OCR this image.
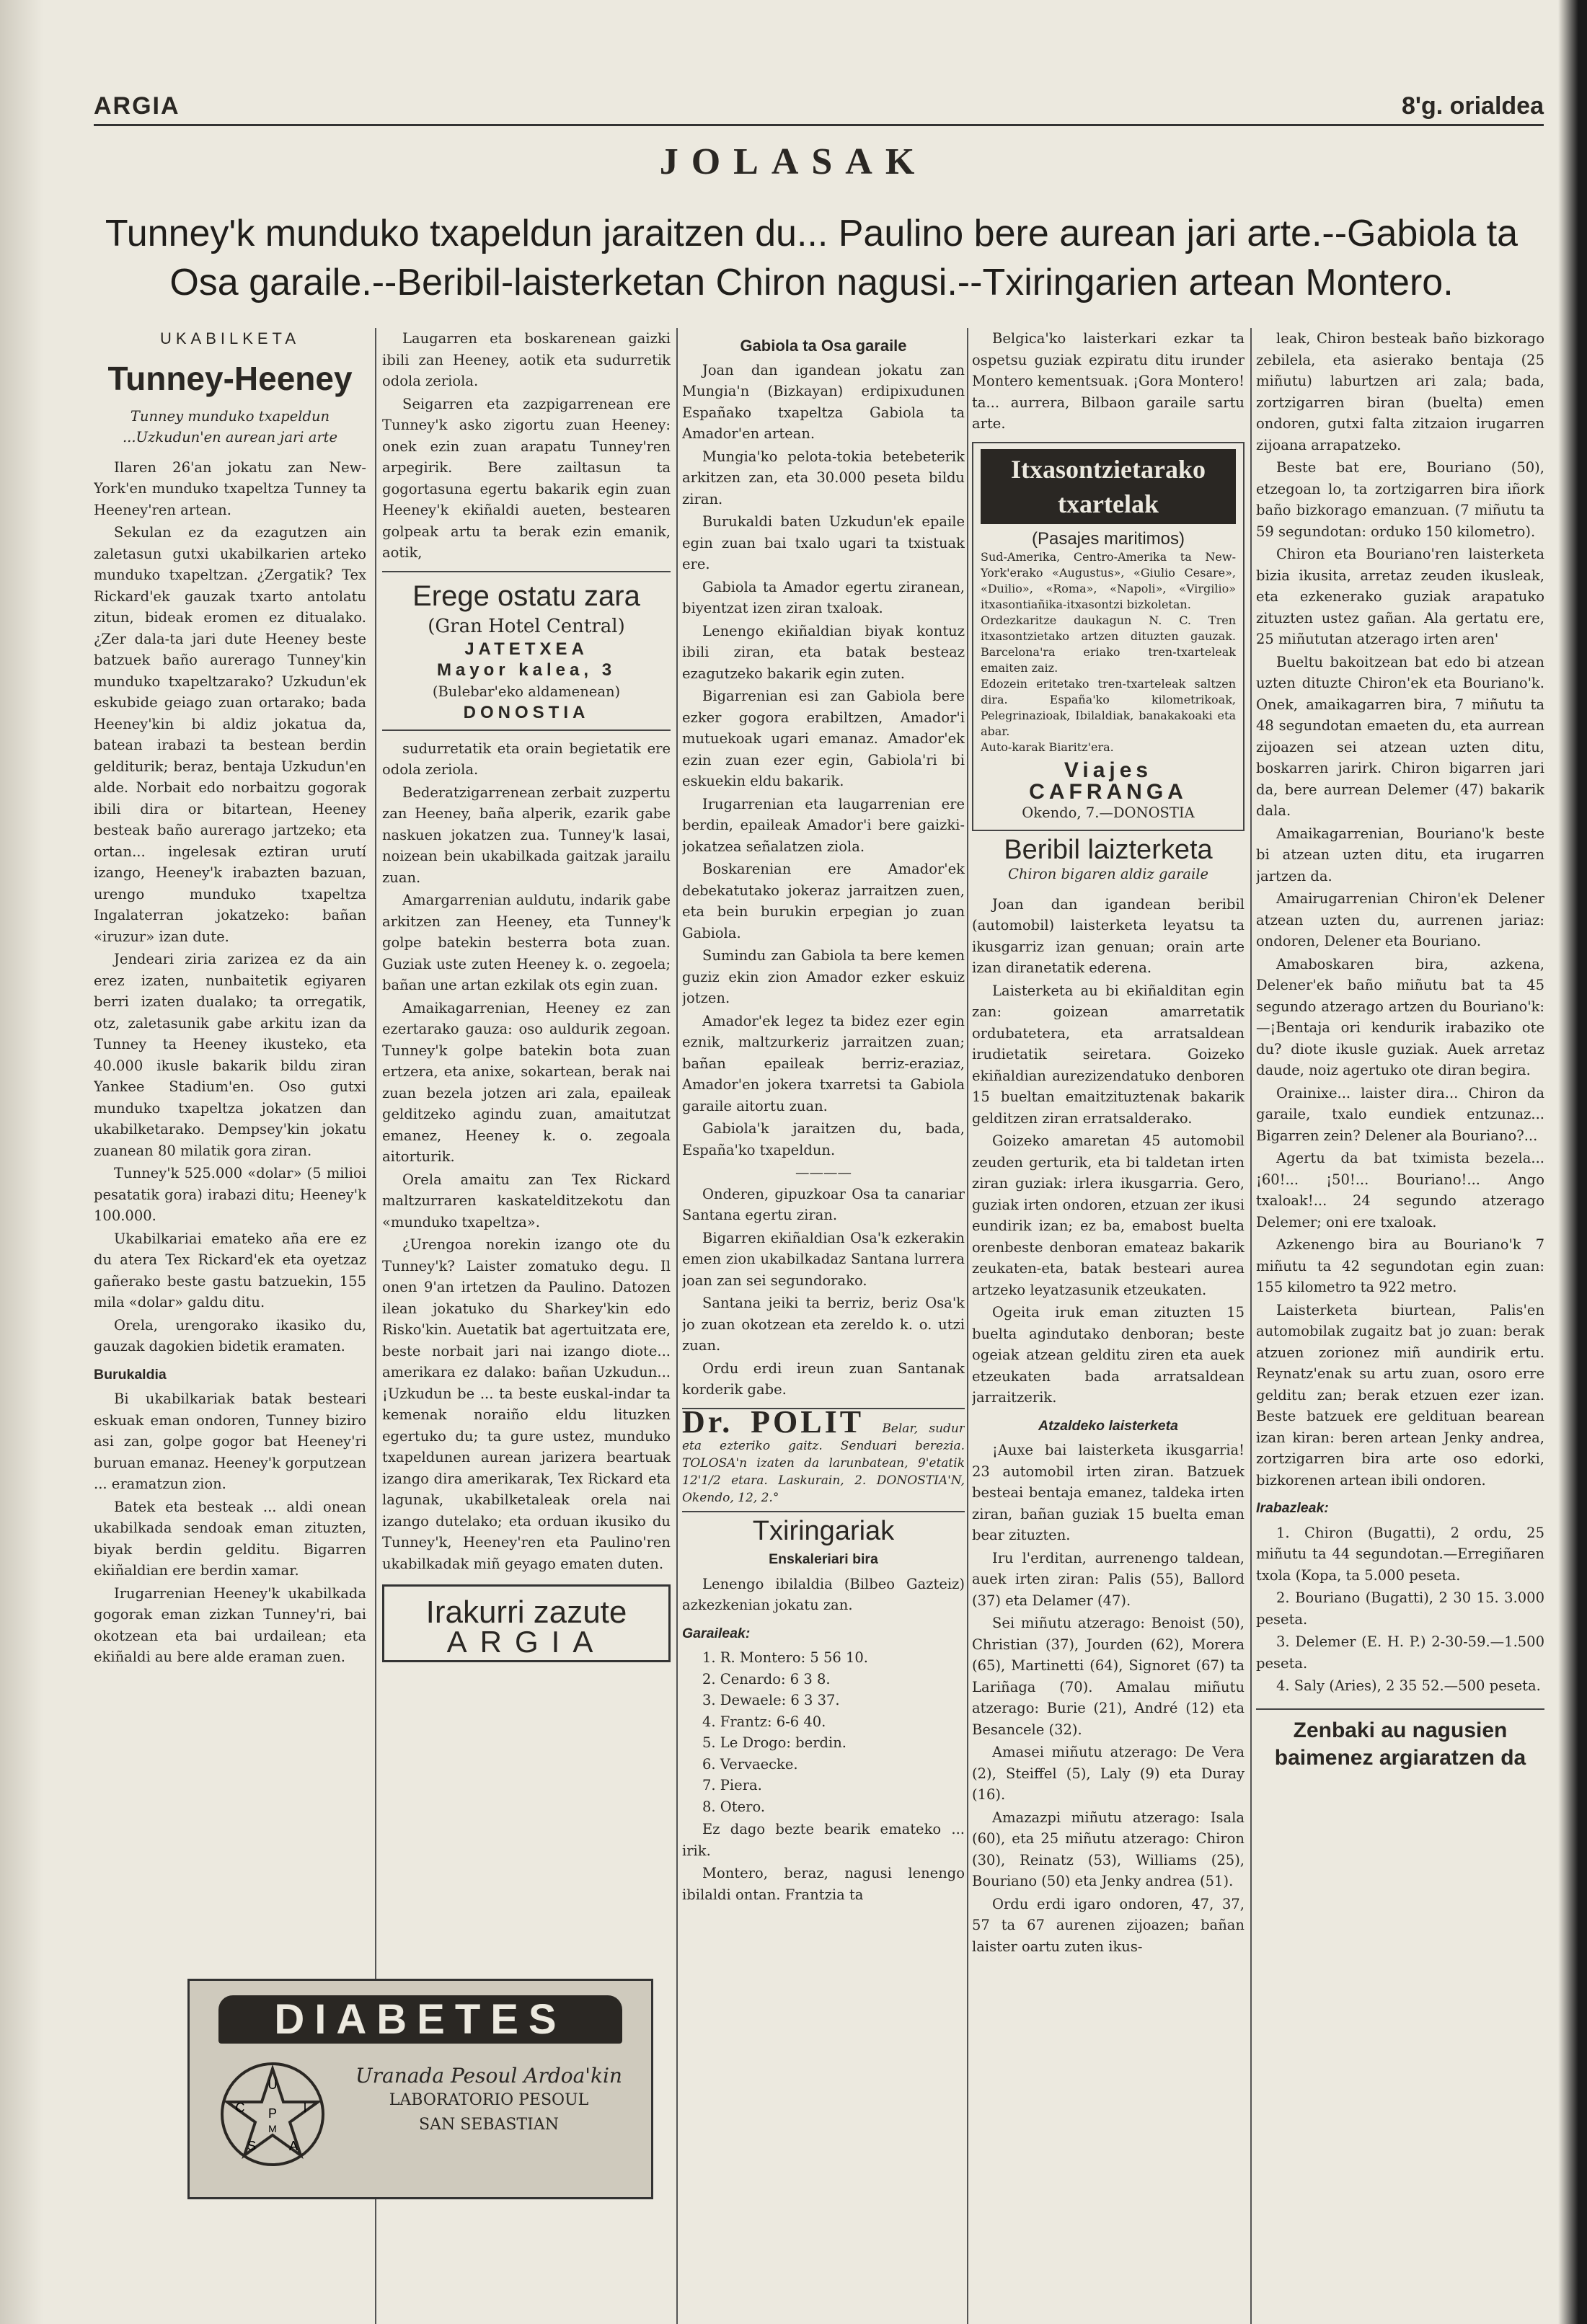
ARGIA	8'g. orialdea
JOLASAK
Tunney'k munduko txapeldun jaraitzen du... Paulino bere aurean jari arte.--Gabiola ta
Osa garaile.--Beribil-laisterketan Chiron nagusi.--Txiringarien artean Montero.
UKABILKETA
Tunney-Heeney
Tunney munduko txapeldun ...Uzkudun'en aurean jari arte

Ilaren 26'an jokatu zan New-York'en munduko txapeltza Tunney ta Heeney'ren artean.

Sekulan ez da ezagutzen ain zaletasun gutxi ukabilkarien arteko munduko txapeltzan. ¿Zergatik? Tex Rickard'ek gauzak txarto antolatu zitun, bideak eromen ez ditualako. ¿Zer dala-ta jari dute Heeney beste batzuek baño aurerago Tunney'kin munduko txapeltzarako? Uzkudun'ek eskubide geiago zuan ortarako; bada Heeney'kin bi aldiz jokatua da, batean irabazi ta bestean berdin gelditurik; beraz, bentaja Uzkudun'en alde. Norbait edo norbaitzu gogorak ibili dira or bitartean, Heeney besteak baño aurerago jartzeko; eta ortan... ingelesak eztiran urutí izango, Heeney'k irabazten bazuan, urengo munduko txapeltza Ingalaterran jokatzeko: bañan «iruzur» izan dute.

Jendeari ziria zarizea ez da ain erez izaten, nunbaitetik egiyaren berri izaten dualako; ta orregatik, otz, zaletasunik gabe arkitu izan da Tunney ta Heeney ikusteko, eta 40.000 ikusle bakarik bildu ziran Yankee Stadium'en. Oso gutxi munduko txapeltza jokatzen dan ukabilketarako. Dempsey'kin jokatu zuanean 80 milatik gora ziran.

Tunney'k 525.000 «dolar» (5 milioi pesatatik gora) irabazi ditu; Heeney'k 100.000.

Ukabilkariai emateko aña ere ez du atera Tex Rickard'ek eta oyetzaz gañerako beste gastu batzuekin, 155 mila «dolar» galdu ditu.

Orela, urengorako ikasiko du, gauzak dagokien bidetik eramaten.

Burukaldia

Bi ukabilkariak batak besteari eskuak eman ondoren, Tunney biziro asi zan, golpe gogor bat Heeney'ri buruan emanaz. Heeney'k gorputzean ... eramatzun zion.

Batek eta besteak ... aldi onean ukabilkada sendoak eman zituzten, biyak berdin gelditu. Bigarren ekiñaldian ere berdin xamar.

Irugarrenian Heeney'k ukabilkada gogorak eman zizkan Tunney'ri, bai okotzean eta bai urdailean; eta ekiñaldi au bere alde eraman zuen.

Laugarren eta boskarenean gaizki ibili zan Heeney, aotik eta sudurretik odola zeriola.

Seigarren eta zazpigarrenean ere Tunney'k asko zigortu zuan Heeney: onek ezin zuan arapatu Tunney'ren arpegirik. Bere zailtasun ta gogortasuna egertu bakarik egin zuan Heeney'k ekiñaldi aueten, bestearen golpeak artu ta berak ezin emanik, aotik,

Erege ostatu zara
(Gran Hotel Central)
JATETXEA
Mayor kalea, 3
(Bulebar'eko aldamenean)
DONOSTIA

sudurretatik eta orain begietatik ere odola zeriola.

Bederatzigarrenean zerbait zuzpertu zan Heeney, baña alperik, ezarik gabe naskuen jokatzen zua. Tunney'k lasai, noizean bein ukabilkada gaitzak jarailu zuan.

Amargarrenian auldutu, indarik gabe arkitzen zan Heeney, eta Tunney'k golpe batekin besterra bota zuan. Guziak uste zuten Heeney k. o. zegoela; bañan une artan ezkilak ots egin zuan.

Amaikagarrenian, Heeney ez zan ezertarako gauza: oso auldurik zegoan. Tunney'k golpe batekin bota zuan ertzera, eta anixe, sokartean, berak nai zuan bezela jotzen ari zala, epaileak gelditzeko agindu zuan, amaitutzat emanez, Heeney k. o. zegoala aitorturik.

Orela amaitu zan Tex Rickard maltzurraren kaskatelditzekotu dan «munduko txapeltza».

¿Urengoa norekin izango ote du Tunney'k? Laister zomatuko degu. Il onen 9'an irtetzen da Paulino. Datozen ilean jokatuko du Sharkey'kin edo Risko'kin. Auetatik bat agertuitzata ere, beste norbait jari nai izango diote... amerikara ez dalako: bañan Uzkudun... ¡Uzkudun be ... ta beste euskal-indar ta kemenak noraiño eldu lituzken egertuko du; ta gure ustez, munduko txapeldunen aurean jarizera beartuak izango dira amerikarak, Tex Rickard eta lagunak, ukabilketaleak orela nai izango dutelako; eta orduan ikusiko du Tunney'k, Heeney'ren eta Paulino'ren ukabilkadak miñ geyago ematen duten.

Irakurri zazute
ARGIA
DIABETES
U
I
C
A
S
P
M
Uranada Pesoul Ardoa'kin
LABORATORIO PESOUL
SAN SEBASTIAN
Gabiola ta Osa garaile

Joan dan igandean jokatu zan Mungia'n (Bizkayan) erdipixudunen Españako txapeltza Gabiola ta Amador'en artean.

Mungia'ko pelota-tokia betebeterik arkitzen zan, eta 30.000 peseta bildu ziran.

Burukaldi baten Uzkudun'ek epaile egin zuan bai txalo ugari ta txistuak ere.

Gabiola ta Amador egertu ziranean, biyentzat izen ziran txaloak.

Lenengo ekiñaldian biyak kontuz ibili ziran, eta batak besteaz ezagutzeko bakarik egin zuten.

Bigarrenian esi zan Gabiola bere ezker gogora erabiltzen, Amador'i mutuekoak ugari emanaz. Amador'ek ezin zuan ezer egin, Gabiola'ri bi eskuekin eldu bakarik.

Irugarrenian eta laugarrenian ere berdin, epaileak Amador'i bere gaizki-jokatzea señalatzen ziola.

Boskarenian ere Amador'ek debekatutako jokeraz jarraitzen zuen, eta bein burukin erpegian jo zuan Gabiola.

Sumindu zan Gabiola ta bere kemen guziz ekin zion Amador ezker eskuiz jotzen.

Amador'ek legez ta bidez ezer egin eznik, maltzurkeriz jarraitzen zuan; bañan epaileak berriz-eraziaz, Amador'en jokera txarretsi ta Gabiola garaile aitortu zuan.

Gabiola'k jaraitzen du, bada, España'ko txapeldun.

————

Onderen, gipuzkoar Osa ta canariar Santana egertu ziran.

Bigarren ekiñaldian Osa'k ezkerakin emen zion ukabilkadaz Santana lurrera joan zan sei segundorako.

Santana jeiki ta berriz, beriz Osa'k jo zuan okotzean eta zereldo k. o. utzi zuan.

Ordu erdi ireun zuan Santanak korderik gabe.

Dr. POLIT Belar, sudur eta ezteriko gaitz. Senduari berezia. TOLOSA'n izaten da larunbatean, 9'etatik 12'1/2 etara. Laskurain, 2. DONOSTIA'N, Okendo, 12, 2.°
Txiringariak
Enskaleriari bira

Lenengo ibilaldia (Bilbeo Gazteiz) azkezkenian jokatu zan.

Garaileak:
1. R. Montero: 5 56 10.
2. Cenardo: 6 3 8.
3. Dewaele: 6 3 37.
4. Frantz: 6-6 40.
5. Le Drogo: berdin.
6. Vervaecke.
7. Piera.
8. Otero.

Ez dago bezte bearik emateko ... irik.

Montero, beraz, nagusi lenengo ibilaldi ontan. Frantzia ta

Belgica'ko laisterkari ezkar ta ospetsu guziak ezpiratu ditu irunder Montero kementsuak. ¡Gora Montero! ta... aurrera, Bilbaon garaile sartu arte.

Itxasontzietarako txartelak
(Pasajes maritimos)
Sud-Amerika, Centro-Amerika ta New-York'erako «Augustus», «Giulio Cesare», «Duilio», «Roma», «Napoli», «Virgilio» itxasontiañika-itxasontzi bizkoletan.
Ordezkaritze daukagun N. C. Tren itxasontzietako artzen dituzten gauzak. Barcelona'ra eriako tren-txarteleak emaiten zaiz.
Edozein eritetako tren-txarteleak saltzen dira. España'ko kilometrikoak, Pelegrinazioak, Ibilaldiak, banakakoaki eta abar.
Auto-karak Biaritz'era.
Viajes CAFRANGA
Okendo, 7.—DONOSTIA
Beribil laizterketa
Chiron bigaren aldiz garaile

Joan dan igandean beribil (automobil) laisterketa leyatsu ta ikusgarriz izan genuan; orain arte izan diranetatik ederena.

Laisterketa au bi ekiñalditan egin zan: goizean amarretatik ordubatetera, eta arratsaldean irudietatik seiretara. Goizeko ekiñaldian aurezizendatuko denboren 15 bueltan emaitzituztenak bakarik gelditzen ziran erratsalderako.

Goizeko amaretan 45 automobil zeuden gerturik, eta bi taldetan irten ziran guziak: irlera ikusgarria. Gero, guziak irten ondoren, etzuan zer ikusi eundirik izan; ez ba, emabost buelta orenbeste denboran emateaz bakarik zeukaten-eta, batak besteari aurea artzeko leyatzasunik etzeukaten.

Ogeita iruk eman zituzten 15 buelta agindutako denboran; beste ogeiak atzean gelditu ziren eta auek etzeukaten bada arratsaldean jarraitzerik.

Atzaldeko laisterketa

¡Auxe bai laisterketa ikusgarria! 23 automobil irten ziran. Batzuek besteai bentaja emanez, taldeka irten ziran, bañan guziak 15 buelta eman bear zituzten.

Iru l'erditan, aurrenengo taldean, auek irten ziran: Palis (55), Ballord (37) eta Delamer (47).

Sei miñutu atzerago: Benoist (50), Christian (37), Jourden (62), Morera (65), Martinetti (64), Signoret (67) ta Lariñaga (70). Amalau miñutu atzerago: Burie (21), André (12) eta Besancele (32).

Amasei miñutu atzerago: De Vera (2), Steiffel (5), Laly (9) eta Duray (16).

Amazazpi miñutu atzerago: Isala (60), eta 25 miñutu atzerago: Chiron (30), Reinatz (53), Williams (25), Bouriano (50) eta Jenky andrea (51).

Ordu erdi igaro ondoren, 47, 37, 57 ta 67 aurenen zijoazen; bañan laister oartu zuten ikus-

leak, Chiron besteak baño bizkorago zebilela, eta asierako bentaja (25 miñutu) laburtzen ari zala; bada, zortzigarren biran (buelta) emen ondoren, gutxi falta zitzaion irugarren zijoana arrapatzeko.

Beste bat ere, Bouriano (50), etzegoan lo, ta zortzigarren bira iñork baño bizkorago emanzuan. (7 miñutu ta 59 segundotan: orduko 150 kilometro).

Chiron eta Bouriano'ren laisterketa bizia ikusita, arretaz zeuden ikusleak, eta ezkenerako guziak arapatuko zituzten ustez gañan. Ala gertatu ere, 25 miñututan atzerago irten aren'

Bueltu bakoitzean bat edo bi atzean uzten dituzte Chiron'ek eta Bouriano'k. Onek, amaikagarren bira, 7 miñutu ta 48 segundotan emaeten du, eta aurrean zijoazen sei atzean uzten ditu, boskarren jarirk. Chiron bigarren jari da, bere aurrean Delemer (47) bakarik dala.

Amaikagarrenian, Bouriano'k beste bi atzean uzten ditu, eta irugarren jartzen da.

Amairugarrenian Chiron'ek Delener atzean uzten du, aurrenen jariaz: ondoren, Delener eta Bouriano.

Amaboskaren bira, azkena, Delener'ek baño miñutu bat ta 45 segundo atzerago artzen du Bouriano'k:—¡Bentaja ori kendurik irabaziko ote du? diote ikusle guziak. Auek arretaz daude, noiz agertuko ote diran begira.

Orainixe... laister dira... Chiron da garaile, txalo eundiek entzunaz... Bigarren zein? Delener ala Bouriano?...

Agertu da bat tximista bezela... ¡60!... ¡50!... Bouriano!... Ango txaloak!... 24 segundo atzerago Delemer; oni ere txaloak.

Azkenengo bira au Bouriano'k 7 miñutu ta 42 segundotan egin zuan: 155 kilometro ta 922 metro.

Laisterketa biurtean, Palis'en automobilak zugaitz bat jo zuan: berak atzuen zorionez miñ aundirik ertu. Reynatz'enak su artu zuan, osoro erre gelditu zan; berak etzuen ezer izan. Beste batzuek ere geldituan bearean izan kiran: beren artean Jenky andrea, zortzigarren bira arte oso edorki, bizkorenen artean ibili ondoren.

Irabazleak:

1. Chiron (Bugatti), 2 ordu, 25 miñutu ta 44 segundotan.—Erregiñaren txola (Kopa, ta 5.000 peseta.

2. Bouriano (Bugatti), 2 30 15. 3.000 peseta.

3. Delemer (E. H. P.) 2-30-59.—1.500 peseta.

4. Saly (Aries), 2 35 52.—500 peseta.

Zenbaki au nagusien baimenez argiaratzen da
